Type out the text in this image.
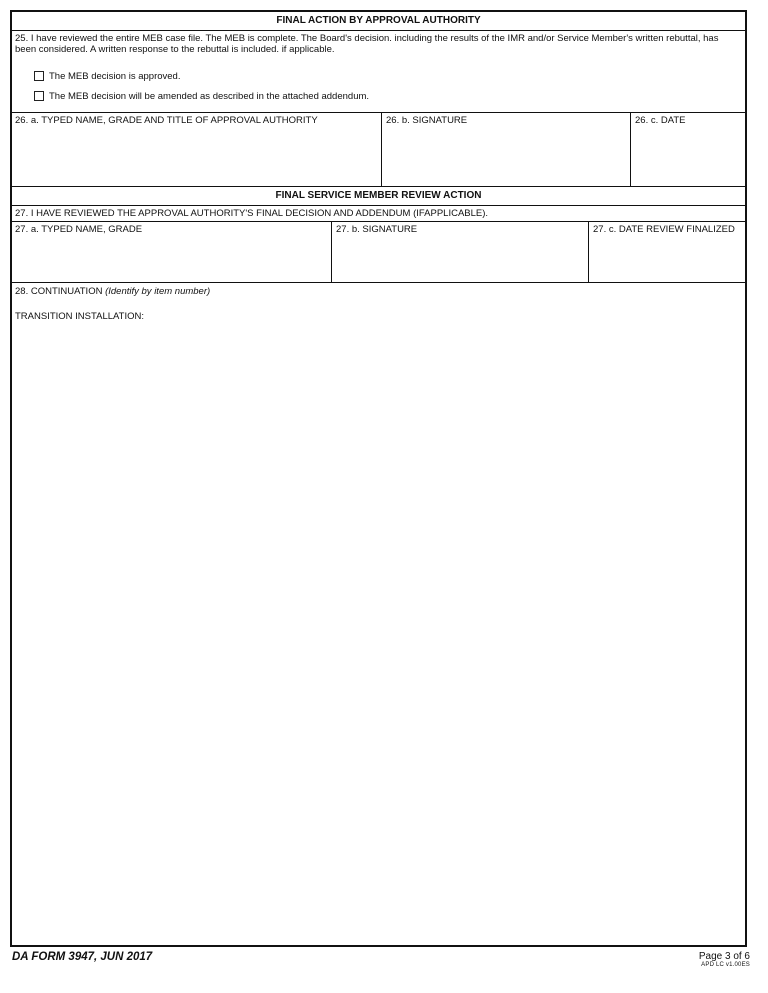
FINAL ACTION BY APPROVAL AUTHORITY
25. I have reviewed the entire MEB case file. The MEB is complete. The Board's decision. including the results of the IMR and/or Service Member's written rebuttal, has been considered. A written response to the rebuttal is included. if applicable.
The MEB decision is approved.
The MEB decision will be amended as described in the attached addendum.
26. a. TYPED NAME, GRADE AND TITLE OF APPROVAL AUTHORITY	26. b. SIGNATURE	26. c. DATE
FINAL SERVICE MEMBER REVIEW ACTION
27. I HAVE REVIEWED THE APPROVAL AUTHORITY'S FINAL DECISION AND ADDENDUM (IFAPPLICABLE).
27. a. TYPED NAME, GRADE	27. b. SIGNATURE	27. c. DATE REVIEW FINALIZED
28. CONTINUATION (Identify by item number)
TRANSITION INSTALLATION:
DA FORM 3947, JUN 2017	Page 3 of 6
APD LC v1.00ES
